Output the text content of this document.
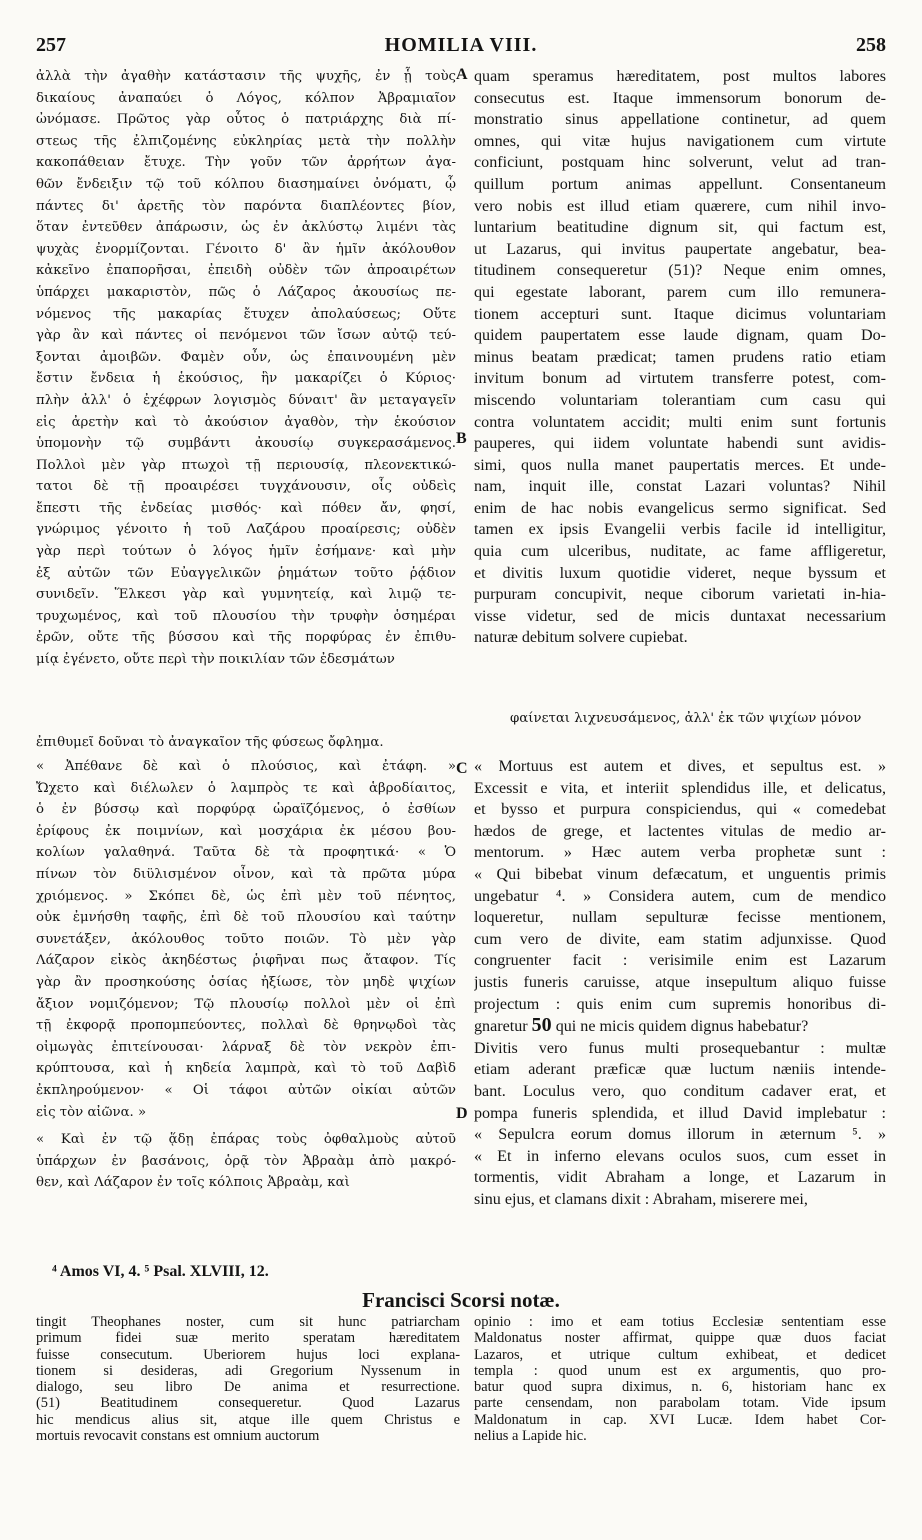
257	HOMILIA VIII.	258
ἀλλὰ τὴν ἀγαθὴν κατάστασιν τῆς ψυχῆς, ἐν ᾗ τοὺς
δικαίους ἀναπαύει ὁ Λόγος, κόλπον Ἀβραμιαῖον
ὠνόμασε. Πρῶτος γὰρ οὗτος ὁ πατριάρχης διὰ πί-
στεως τῆς ἐλπιζομένης εὐκληρίας μετὰ τὴν πολλὴν
κακοπάθειαν ἔτυχε. Τὴν γοῦν τῶν ἀρρήτων ἀγα-
θῶν ἔνδειξιν τῷ τοῦ κόλπου διασημαίνει ὀνόματι, ᾧ
πάντες δι' ἀρετῆς τὸν παρόντα διαπλέοντες βίον,
ὅταν ἐντεῦθεν ἀπάρωσιν, ὡς ἐν ἀκλύστῳ λιμένι τὰς
ψυχὰς ἐνορμίζονται. Γένοιτο δ' ἂν ἡμῖν ἀκόλουθον
κἀκεῖνο ἐπαπορῆσαι, ἐπειδὴ οὐδὲν τῶν ἀπροαιρέτων
ὑπάρχει μακαριστὸν, πῶς ὁ Λάζαρος ἀκουσίως πε-
νόμενος τῆς μακαρίας ἔτυχεν ἀπολαύσεως; Οὔτε
γὰρ ἂν καὶ πάντες οἱ πενόμενοι τῶν ἴσων αὐτῷ τεύ-
ξονται ἀμοιβῶν. Φαμὲν οὖν, ὡς ἐπαινουμένη μὲν
ἔστιν ἔνδεια ἡ ἑκούσιος, ἣν μακαρίζει ὁ Κύριος·
πλὴν ἀλλ' ὁ ἐχέφρων λογισμὸς δύναιτ' ἂν μεταγαγεῖν
εἰς ἀρετὴν καὶ τὸ ἀκούσιον ἀγαθὸν, τὴν ἑκούσιον
ὑπομονὴν τῷ συμβάντι ἀκουσίῳ συγκερασάμενος.
Πολλοὶ μὲν γὰρ πτωχοὶ τῇ περιουσίᾳ, πλεονεκτικώ-
τατοι δὲ τῇ προαιρέσει τυγχάνουσιν, οἷς οὐδεὶς
ἔπεστι τῆς ἐνδείας μισθός· καὶ πόθεν ἄν, φησί,
γνώριμος γένοιτο ἡ τοῦ Λαζάρου προαίρεσις; οὐδὲν
γὰρ περὶ τούτων ὁ λόγος ἡμῖν ἐσήμανε· καὶ μὴν
ἐξ αὐτῶν τῶν Εὐαγγελικῶν ῥημάτων τοῦτο ῥᾴδιον
συνιδεῖν. Ἕλκεσι γὰρ καὶ γυμνητείᾳ, καὶ λιμῷ τε-
τρυχωμένος, καὶ τοῦ πλουσίου τὴν τρυφὴν ὁσημέραι
ἐρῶν, οὔτε τῆς βύσσου καὶ τῆς πορφύρας ἐν ἐπιθυ-
μίᾳ ἐγένετο, οὔτε περὶ τὴν ποικιλίαν τῶν ἐδεσμάτων
« Ἀπέθανε δὲ καὶ ὁ πλούσιος, καὶ ἐτάφη. »
Ὤχετο καὶ διέλωλεν ὁ λαμπρὸς τε καὶ ἁβροδίαιτος,
ὁ ἐν βύσσῳ καὶ πορφύρᾳ ὡραϊζόμενος, ὁ ἐσθίων
ἐρίφους ἐκ ποιμνίων, καὶ μοσχάρια ἐκ μέσου βου-
κολίων γαλαθηνά. Ταῦτα δὲ τὰ προφητικά· « Ὁ
πίνων τὸν διϋλισμένον οἶνον, καὶ τὰ πρῶτα μύρα
χριόμενος. » Σκόπει δὲ, ὡς ἐπὶ μὲν τοῦ πένητος,
οὐκ ἐμνήσθη ταφῆς, ἐπὶ δὲ τοῦ πλουσίου καὶ ταύτην
συνετάξεν, ἀκόλουθος τοῦτο ποιῶν. Τὸ μὲν γὰρ
Λάζαρον εἰκὸς ἀκηδέστως ῥιφῆναι πως ἄταφον. Τίς
γὰρ ἂν προσηκούσης ὁσίας ἠξίωσε, τὸν μηδὲ ψιχίων
ἄξιον νομιζόμενον; Τῷ πλουσίῳ πολλοὶ μὲν οἱ ἐπὶ
τῇ ἐκφορᾷ προπομπεύοντες, πολλαὶ δὲ θρηνῳδοὶ τὰς
οἰμωγὰς ἐπιτείνουσαι· λάρναξ δὲ τὸν νεκρὸν ἐπι-
κρύπτουσα, καὶ ἡ κηδεία λαμπρὰ, καὶ τὸ τοῦ Δαβὶδ
ἐκπληρούμενον· « Οἱ τάφοι αὐτῶν οἰκίαι αὐτῶν
εἰς τὸν αἰῶνα. »
« Καὶ ἐν τῷ ᾅδῃ ἐπάρας τοὺς ὀφθαλμοὺς αὐτοῦ
ὑπάρχων ἐν βασάνοις, ὁρᾷ τὸν Ἀβραὰμ ἀπὸ μακρό-
θεν, καὶ Λάζαρον ἐν τοῖς κόλποις Ἀβραὰμ, καὶ
quam speramus hæreditatem, post multos labores
consecutus est. Itaque immensorum bonorum de-
monstratio sinus appellatione continetur, ad quem
omnes, qui vitæ hujus navigationem cum virtute
conficiunt, postquam hinc solverunt, velut ad tran-
quillum portum animas appellunt. Consentaneum
vero nobis est illud etiam quærere, cum nihil invo-
luntarium beatitudine dignum sit, qui factum est,
ut Lazarus, qui invitus paupertate angebatur, bea-
titudinem consequeretur (51)? Neque enim omnes,
qui egestate laborant, parem cum illo remunera-
tionem accepturi sunt. Itaque dicimus voluntariam
quidem paupertatem esse laude dignam, quam Do-
minus beatam prædicat; tamen prudens ratio etiam
invitum bonum ad virtutem transferre potest, com-
miscendo voluntariam tolerantiam cum casu qui
contra voluntatem accidit; multi enim sunt fortunis
pauperes, qui iidem voluntate habendi sunt avidis-
simi, quos nulla manet paupertatis merces. Et unde-
nam, inquit ille, constat Lazari voluntas? Nihil
enim de hac nobis evangelicus sermo significat. Sed
tamen ex ipsis Evangelii verbis facile id intelligitur,
quia cum ulceribus, nuditate, ac fame affligeretur,
et divitis luxum quotidie videret, neque byssum et
purpuram concupivit, neque ciborum varietati in-hia-
visse videtur, sed de micis duntaxat necessarium
naturæ debitum solvere cupiebat.
« Mortuus est autem et dives, et sepultus est. »
Excessit e vita, et interiit splendidus ille, et delicatus,
et bysso et purpura conspiciendus, qui « comedebat
hædos de grege, et lactentes vitulas de medio ar-
mentorum. » Hæc autem verba prophetæ sunt :
« Qui bibebat vinum defæcatum, et unguentis primis
ungebatur ⁴. » Considera autem, cum de mendico
loqueretur, nullam sepulturæ fecisse mentionem,
cum vero de divite, eam statim adjunxisse. Quod
congruenter facit : verisimile enim est Lazarum
justis funeris caruisse, atque insepultum aliquo fuisse
projectum : quis enim cum supremis honoribus di-
gnaretur 50 qui ne micis quidem dignus habebatur?
Divitis vero funus multi prosequebantur : multæ
etiam aderant præficæ quæ luctum næniis intende-
bant. Loculus vero, quo conditum cadaver erat, et
pompa funeris splendida, et illud David implebatur :
« Sepulcra eorum domus illorum in æternum ⁵. »
« Et in inferno elevans oculos suos, cum esset in
tormentis, vidit Abraham a longe, et Lazarum in
sinu ejus, et clamans dixit : Abraham, miserere mei,
A
B
C
D
ἐπιθυμεῖ δοῦναι τὸ ἀναγκαῖον τῆς φύσεως ὄφλημα.
φαίνεται λιχνευσάμενος, ἀλλ' ἐκ τῶν ψιχίων μόνον
⁴ Amos VI, 4. ⁵ Psal. XLVIII, 12.
Francisci Scorsi notæ.
tingit Theophanes noster, cum sit hunc patriarcham
primum fidei suæ merito speratam hæreditatem
fuisse consecutum. Uberiorem hujus loci explana-
tionem si desideras, adi Gregorium Nyssenum in
dialogo, seu libro De anima et resurrectione.
(51) Beatitudinem consequeretur. Quod Lazarus
hic mendicus alius sit, atque ille quem Christus e
mortuis revocavit constans est omnium auctorum
opinio : imo et eam totius Ecclesiæ sententiam esse
Maldonatus noster affirmat, quippe quæ duos faciat
Lazaros, et utrique cultum exhibeat, et dedicet
templa : quod unum est ex argumentis, quo pro-
batur quod supra diximus, n. 6, historiam hanc ex
parte censendam, non parabolam totam. Vide ipsum
Maldonatum in cap. XVI Lucæ. Idem habet Cor-
nelius a Lapide hic.
